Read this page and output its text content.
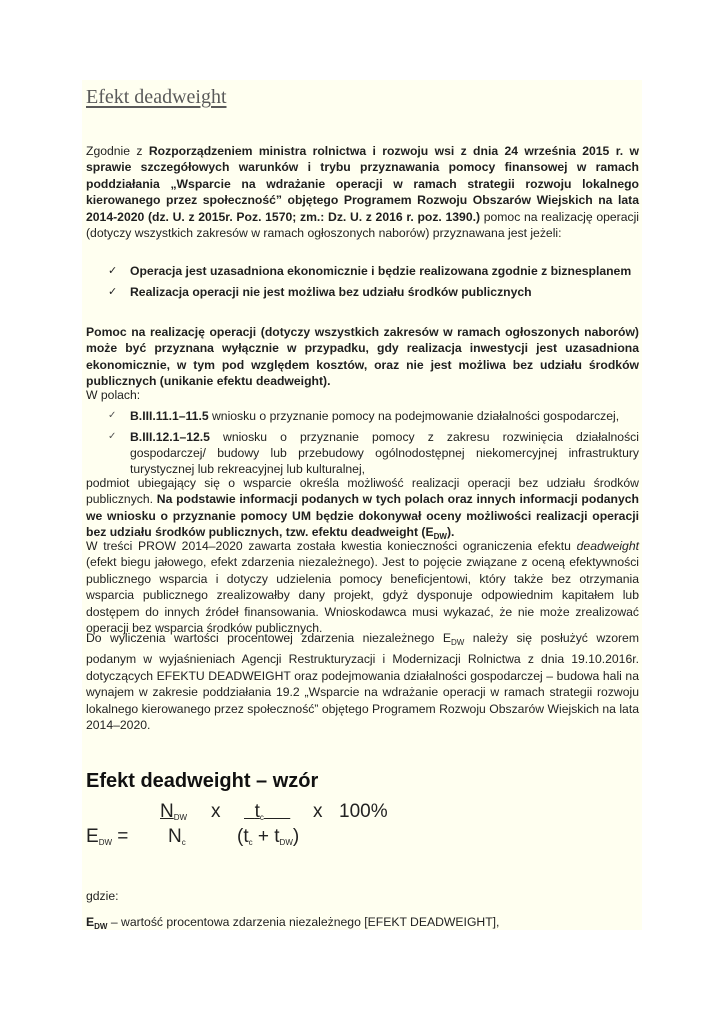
Efekt deadweight
Zgodnie z Rozporządzeniem ministra rolnictwa i rozwoju wsi z dnia 24 września 2015 r. w sprawie szczegółowych warunków i trybu przyznawania pomocy finansowej w ramach poddziałania „Wsparcie na wdrażanie operacji w ramach strategii rozwoju lokalnego kierowanego przez społeczność” objętego Programem Rozwoju Obszarów Wiejskich na lata 2014-2020 (dz. U. z 2015r. Poz. 1570; zm.: Dz. U. z 2016 r. poz. 1390.) pomoc na realizację operacji (dotyczy wszystkich zakresów w ramach ogłoszonych naborów) przyznawana jest jeżeli:
✓ Operacja jest uzasadniona ekonomicznie i będzie realizowana zgodnie z biznesplanem
✓ Realizacja operacji nie jest możliwa bez udziału środków publicznych
Pomoc na realizację operacji (dotyczy wszystkich zakresów w ramach ogłoszonych naborów) może być przyznana wyłącznie w przypadku, gdy realizacja inwestycji jest uzasadniona ekonomicznie, w tym pod względem kosztów, oraz nie jest możliwa bez udziału środków publicznych (unikanie efektu deadweight).
W polach:
✓ B.III.11.1–11.5 wniosku o przyznanie pomocy na podejmowanie działalności gospodarczej,
✓ B.III.12.1–12.5 wniosku o przyznanie pomocy z zakresu rozwinięcia działalności gospodarczej/ budowy lub przebudowy ogólnodostępnej niekomercyjnej infrastruktury turystycznej lub rekreacyjnej lub kulturalnej,
podmiot ubiegający się o wsparcie określa możliwość realizacji operacji bez udziału środków publicznych. Na podstawie informacji podanych w tych polach oraz innych informacji podanych we wniosku o przyznanie pomocy UM będzie dokonywał oceny możliwości realizacji operacji bez udziału środków publicznych, tzw. efektu deadweight $(E_{DW})$.
W treści PROW 2014–2020 zawarta została kwestia konieczności ograniczenia efektu deadweight (efekt biegu jałowego, efekt zdarzenia niezależnego). Jest to pojęcie związane z oceną efektywności publicznego wsparcia i dotyczy udzielenia pomocy beneficjentowi, który także bez otrzymania wsparcia publicznego zrealizowałby dany projekt, gdyż dysponuje odpowiednim kapitałem lub dostępem do innych źródeł finansowania. Wnioskodawca musi wykazać, że nie może zrealizować operacji bez wsparcia środków publicznych.
Do wyliczenia wartości procentowej zdarzenia niezależnego $E_{DW}$ należy się posłużyć wzorem podanym w wyjaśnieniach Agencji Restrukturyzacji i Modernizacji Rolnictwa z dnia 19.10.2016r. dotyczących EFEKTU DEADWEIGHT oraz podejmowania działalności gospodarczej – budowa hali na wynajem w zakresie poddziałania 19.2 „Wsparcie na wdrażanie operacji w ramach strategii rozwoju lokalnego kierowanego przez społeczność” objętego Programem Rozwoju Obszarów Wiejskich na lata 2014–2020.
Efekt deadweight – wzór
$N_{DW}$ x	$t_c$	x 100%
$E_{DW} = N_c$	$(t_c + t_{DW})$
gdzie:
$E_{DW}$ – wartość procentowa zdarzenia niezależnego [EFEKT DEADWEIGHT],
